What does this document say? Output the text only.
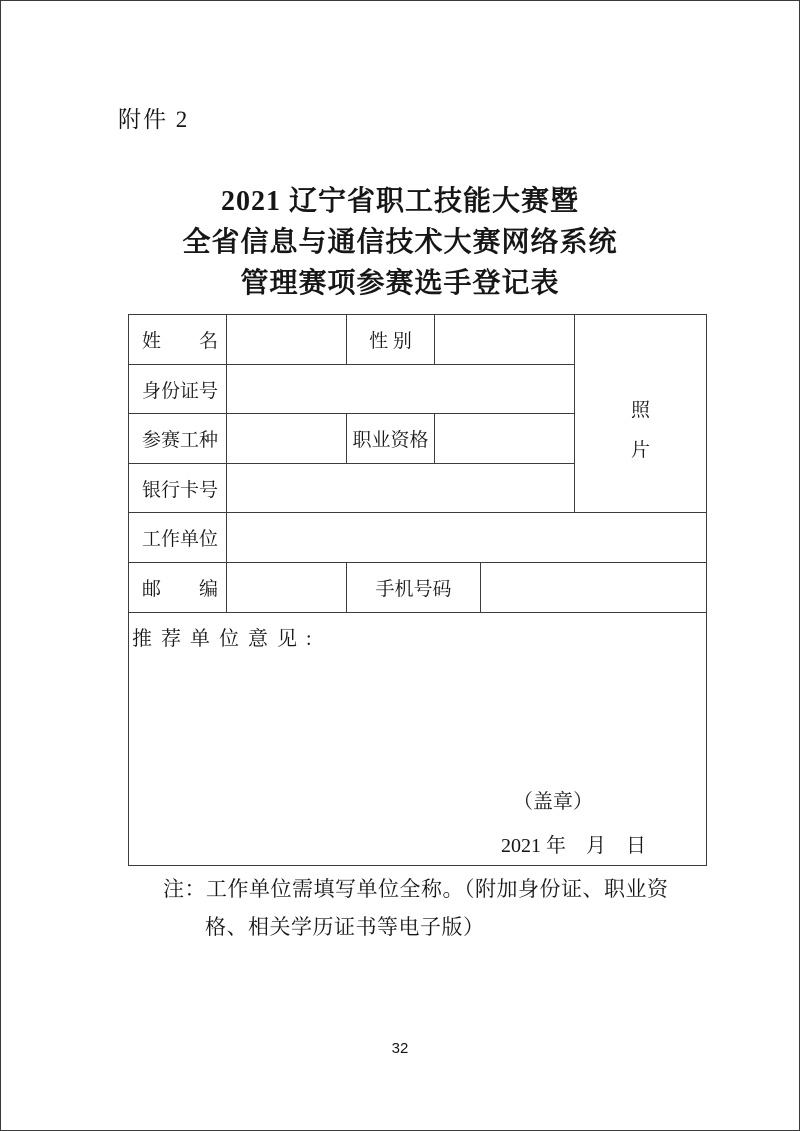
附件 2
2021 辽宁省职工技能大赛暨
全省信息与通信技术大赛网络系统
管理赛项参赛选手登记表
姓　　名	性 别
照片
身份证号
参赛工种	职业资格
银行卡号
工作单位
邮　　编	手机号码
推荐单位意见:
（盖章）
2021 年　月　日
注：工作单位需填写单位全称。（附加身份证、职业资
格、相关学历证书等电子版）
32
